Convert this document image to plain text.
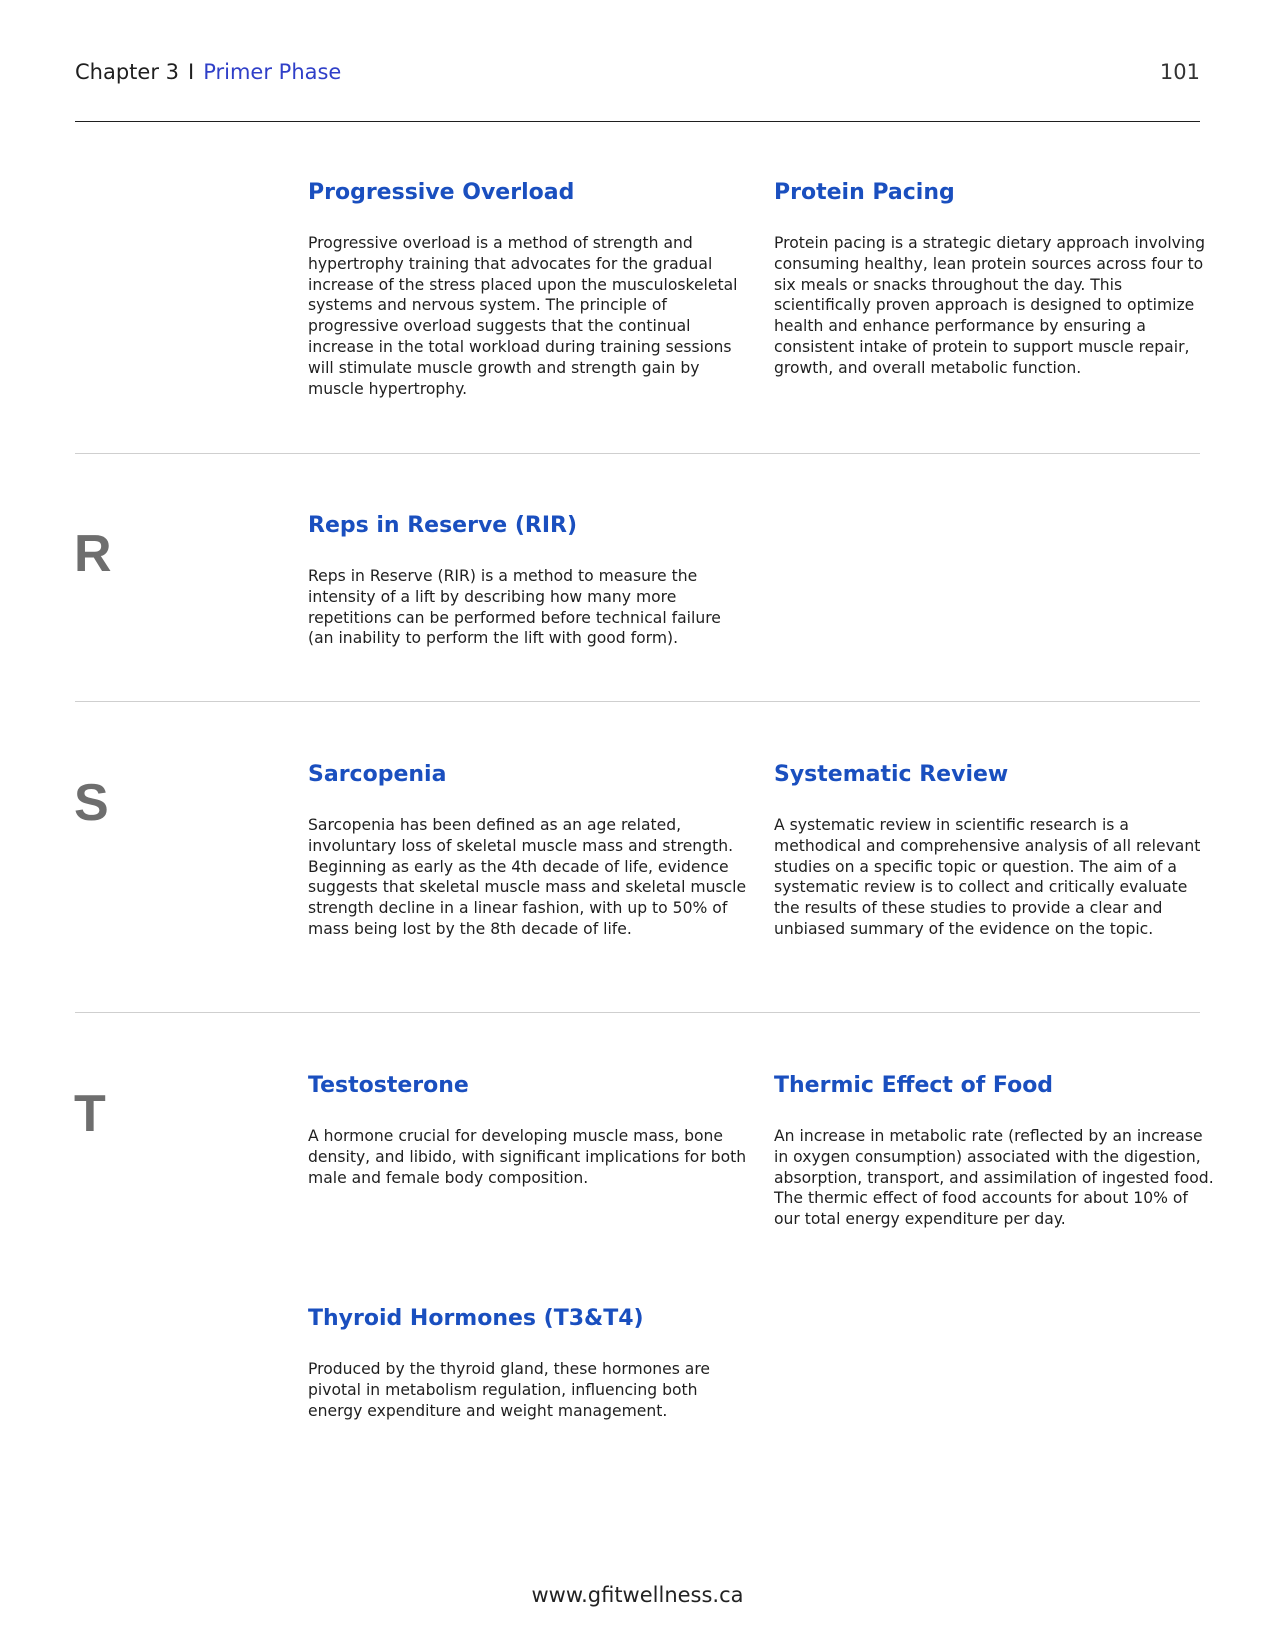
Chapter 3 I Primer Phase	101
Progressive Overload

Progressive overload is a method of strength and hypertrophy training that advocates for the gradual increase of the stress placed upon the musculoskeletal systems and nervous system. The principle of progressive overload suggests that the continual increase in the total workload during training sessions will stimulate muscle growth and strength gain by muscle hypertrophy.

Protein Pacing

Protein pacing is a strategic dietary approach involving consuming healthy, lean protein sources across four to six meals or snacks throughout the day. This scientifically proven approach is designed to optimize health and enhance performance by ensuring a consistent intake of protein to support muscle repair, growth, and overall metabolic function.

R	Reps in Reserve (RIR)

Reps in Reserve (RIR) is a method to measure the intensity of a lift by describing how many more repetitions can be performed before technical failure (an inability to perform the lift with good form).

S	Sarcopenia

Sarcopenia has been defined as an age related, involuntary loss of skeletal muscle mass and strength. Beginning as early as the 4th decade of life, evidence suggests that skeletal muscle mass and skeletal muscle strength decline in a linear fashion, with up to 50% of mass being lost by the 8th decade of life.

Systematic Review

A systematic review in scientific research is a methodical and comprehensive analysis of all relevant studies on a specific topic or question. The aim of a systematic review is to collect and critically evaluate the results of these studies to provide a clear and unbiased summary of the evidence on the topic.

T	Testosterone

A hormone crucial for developing muscle mass, bone density, and libido, with significant implications for both male and female body composition.

Thermic Effect of Food

An increase in metabolic rate (reflected by an increase in oxygen consumption) associated with the digestion, absorption, transport, and assimilation of ingested food. The thermic effect of food accounts for about 10% of our total energy expenditure per day.

Thyroid Hormones (T3&T4)

Produced by the thyroid gland, these hormones are pivotal in metabolism regulation, influencing both energy expenditure and weight management.

www.gfitwellness.ca
